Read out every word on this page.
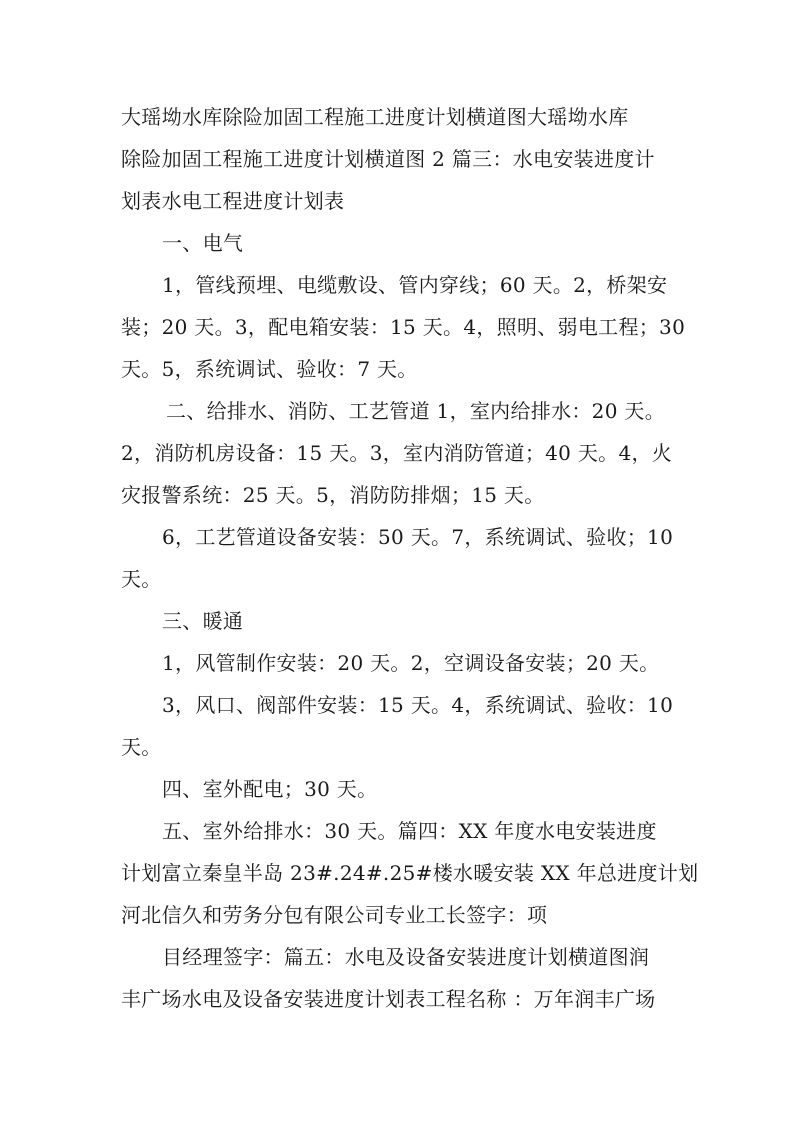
大瑶坳水库除险加固工程施工进度计划横道图大瑶坳水库
除险加固工程施工进度计划横道图 2 篇三：水电安装进度计
划表水电工程进度计划表
一、电气
1，管线预埋、电缆敷设、管内穿线；60 天。2，桥架安
装；20 天。3，配电箱安装：15 天。4，照明、弱电工程；30
天。5，系统调试、验收：7 天。
二、给排水、消防、工艺管道 1，室内给排水：20 天。
2，消防机房设备：15 天。3，室内消防管道；40 天。4，火
灾报警系统：25 天。5，消防防排烟；15 天。
6，工艺管道设备安装：50 天。7，系统调试、验收；10
天。
三、暖通
1，风管制作安装：20 天。2，空调设备安装；20 天。
3，风口、阀部件安装：15 天。4，系统调试、验收：10
天。
四、室外配电；30 天。
五、室外给排水：30 天。篇四：XX 年度水电安装进度
计划富立秦皇半岛 23#.24#.25#楼水暖安装 XX 年总进度计划
河北信久和劳务分包有限公司专业工长签字：项
目经理签字：篇五：水电及设备安装进度计划横道图润
丰广场水电及设备安装进度计划表工程名称 ：万年润丰广场
